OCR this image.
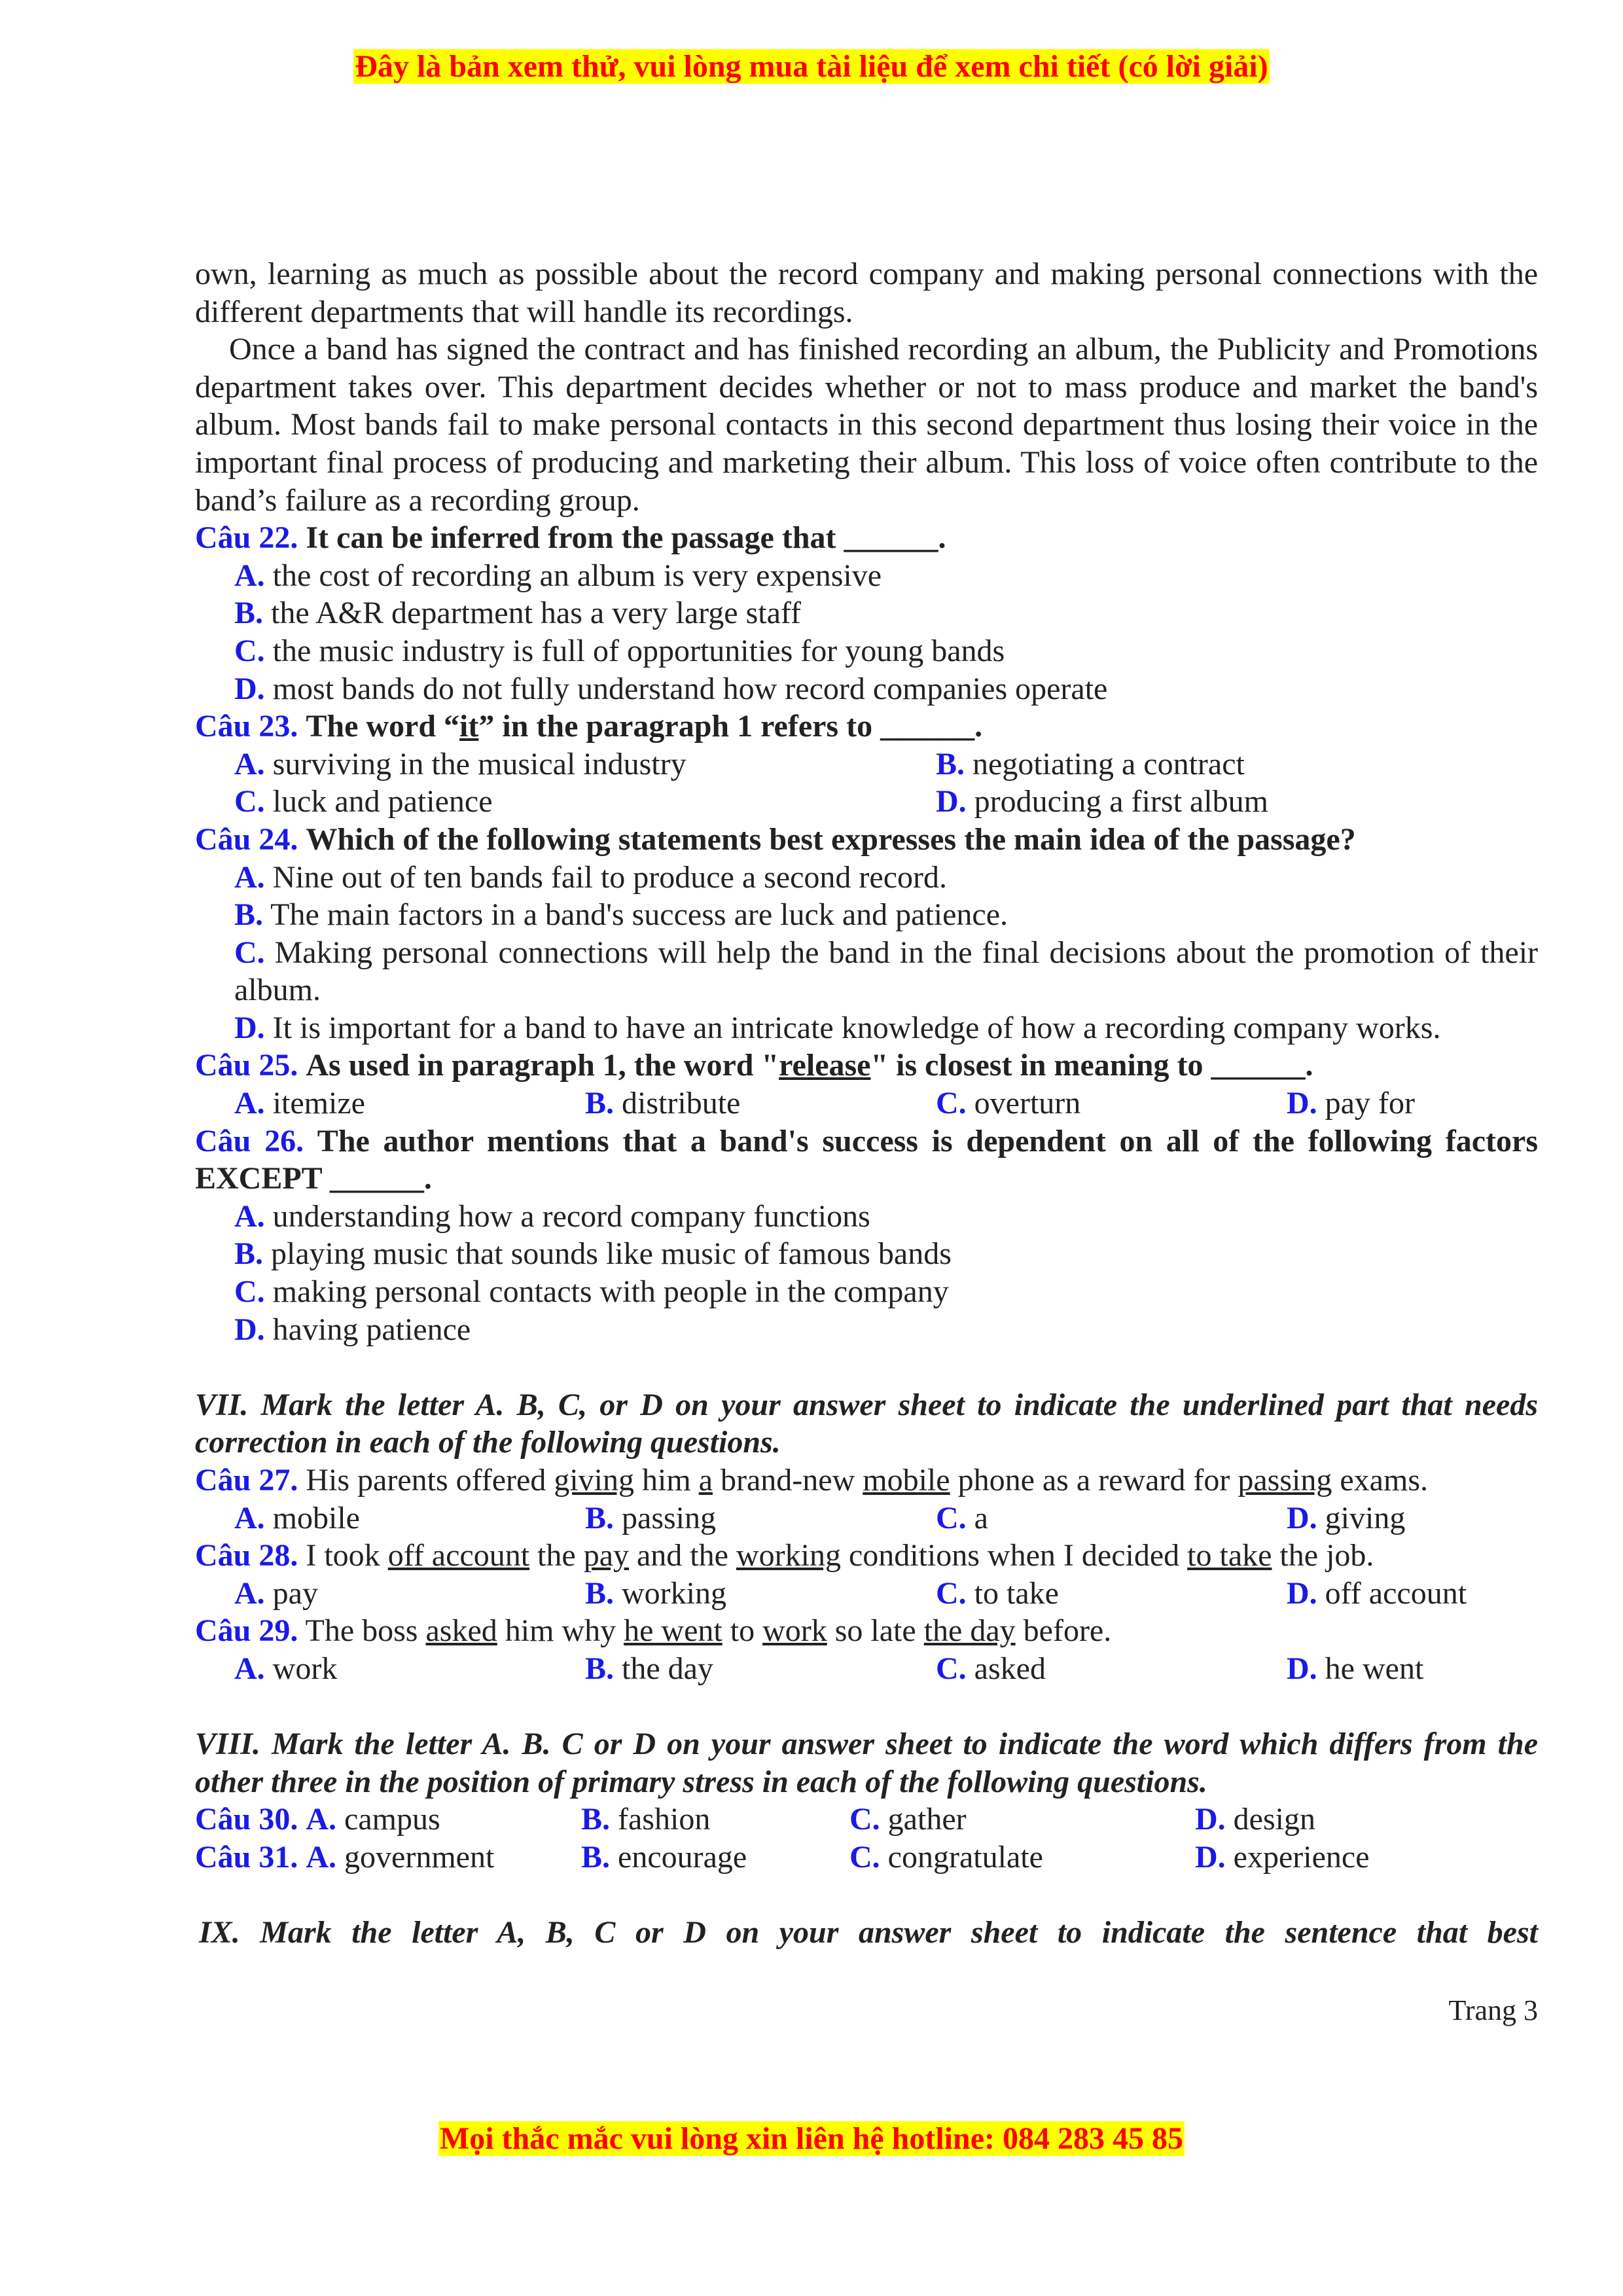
Đây là bản xem thử, vui lòng mua tài liệu để xem chi tiết (có lời giải)
own, learning as much as possible about the record company and making personal connections with the different departments that will handle its recordings.
Once a band has signed the contract and has finished recording an album, the Publicity and Promotions department takes over. This department decides whether or not to mass produce and market the band's album. Most bands fail to make personal contacts in this second department thus losing their voice in the important final process of producing and marketing their album. This loss of voice often contribute to the band’s failure as a recording group.
Câu 22. It can be inferred from the passage that ______.
A. the cost of recording an album is very expensive
B. the A&R department has a very large staff
C. the music industry is full of opportunities for young bands
D. most bands do not fully understand how record companies operate
Câu 23. The word “it” in the paragraph 1 refers to ______.
A. surviving in the musical industry	B. negotiating a contract
C. luck and patience	D. producing a first album
Câu 24. Which of the following statements best expresses the main idea of the passage?
A. Nine out of ten bands fail to produce a second record.
B. The main factors in a band's success are luck and patience.
C. Making personal connections will help the band in the final decisions about the promotion of their album.
D. It is important for a band to have an intricate knowledge of how a recording company works.
Câu 25. As used in paragraph 1, the word "release" is closest in meaning to ______.
A. itemize	B. distribute	C. overturn	D. pay for
Câu 26. The author mentions that a band's success is dependent on all of the following factors EXCEPT ______.
A. understanding how a record company functions
B. playing music that sounds like music of famous bands
C. making personal contacts with people in the company
D. having patience
VII. Mark the letter A. B, C, or D on your answer sheet to indicate the underlined part that needs correction in each of the following questions.
Câu 27. His parents offered giving him a brand-new mobile phone as a reward for passing exams.
A. mobile	B. passing	C. a	D. giving
Câu 28. I took off account the pay and the working conditions when I decided to take the job.
A. pay	B. working	C. to take	D. off account
Câu 29. The boss asked him why he went to work so late the day before.
A. work	B. the day	C. asked	D. he went
VIII. Mark the letter A. B. C or D on your answer sheet to indicate the word which differs from the other three in the position of primary stress in each of the following questions.
Câu 30. A. campus	B. fashion	C. gather	D. design
Câu 31. A. government	B. encourage	C. congratulate	D. experience
IX. Mark the letter A, B, C or D on your answer sheet to indicate the sentence that best
Trang 3
Mọi thắc mắc vui lòng xin liên hệ hotline: 084 283 45 85
